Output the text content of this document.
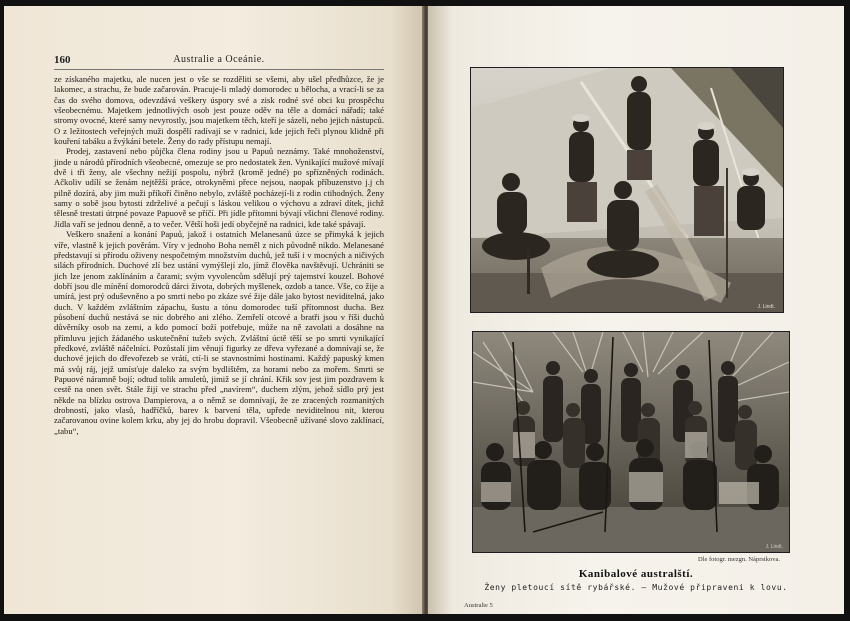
160	Australie a Oceánie.

ze získaného majetku, ale nucen jest o vše se rozděliti se všemi, aby ušel předhůzce, že je lakomec, a strachu, že bude začarován. Pracuje-li mladý domorodec u bělocha, a vrací-li se za čas do svého domova, odevzdává veškery úspory své a zisk rodné své obci ku prospěchu všeobecnému. Majetkem jednotlivých osob jest pouze oděv na těle a domácí nářadí; také stromy ovocné, které samy nevyrostly, jsou majetkem těch, kteří je sázeli, nebo jejich nástupců. O z ležitostech veřejných muži dospělí radívají se v radnici, kde jejich řeči plynou klidně při kouření tabáku a žvýkání betele. Ženy do rady přístupu nemají.

Prodej, zastavení nebo půjčka člena rodiny jsou u Papuů neznámy. Také mnohoženství, jinde u národů přírodních všeobecné, omezuje se pro nedostatek žen. Vynikající mužové mívají dvě i tři ženy, ale všechny nežijí pospolu, nýbrž (kromě jedné) po spřízněných rodinách. Ačkoliv udílí se ženám nejtěžší práce, otrokyněmi přece nejsou, naopak příbuzenstvo j.j ch pilně dozírá, aby jim muži příkoří činěno nebylo, zvláště pocházejí-li z rodin ctihodných. Ženy samy o sobě jsou bytosti zdrželivé a pečují s láskou velikou o výchovu a zdraví dítek, jichž tělesně trestati útrpné povaze Papuově se příčí. Při jídle přítomni bývají všichni členové rodiny. Jídla vaří se jednou denně, a to večer. Větší hoši jedí obyčejně na radnici, kde také spávají.

Veškero snažení a konání Papuů, jakož i ostatních Melanesanů úzce se přimyká k jejich víře, vlastně k jejich pověrám. Víry v jednoho Boha neměl z nich původně nikdo. Melanesané představují si přírodu oživeny nespočetným množstvím duchů, jež tuší i v mocných a ničivých silách přírodních. Duchové zlí bez ustání vymýšlejí zlo, jímž člověka navštěvují. Uchrániti se jich lze jenom zaklínáním a čarami; svým vyvolencům sdělují prý tajemství kouzel. Bohové dobří jsou dle mínění domorodců dárci života, dobrých myšlenek, ozdob a tance. Vše, co žije a umírá, jest prý oduševněno a po smrti nebo po zkáze své žije dále jako bytost neviditelná, jako duch. V každém zvláštním zápachu, šustu a tónu domorodec tuší přítomnost ducha. Bez působení duchů nestává se nic dobrého ani zlého. Zemřelí otcové a bratři jsou v říši duchů důvěrníky osob na zemi, a kdo pomocí boží potřebuje, může na ně zavolati a dosáhne na přímluvu jejich žádaného uskutečnění tužeb svých. Zvláštní úctě těší se po smrti vynikající předkové, zvláště náčelníci. Pozůstalí jim věnují figurky ze dřeva vyřezané a domnívají se, že duchové jejich do dřevořezeb se vrátí, ctí-li se stavnostními hostinami. Každý papuský kmen má svůj ráj, jejž umísťuje daleko za svým bydlištěm, za horami nebo za mořem. Smrti se Papuové náramně bojí; odtud tolik amuletů, jimiž se jí chrání. Křik sov jest jim pozdravem k cestě na onen svět. Stále žijí ve strachu před „navírem“, duchem zlým, jehož sídlo prý jest někde na blízku ostrova Dampierova, a o němž se domnívají, že ze zracených rozmanitých drobností, jako vlasů, hadříčků, barev k barvení těla, upřede neviditelnou nit, kterou začarovanou ovine kolem krku, aby jej do hrobu dopravil. Všeobecně užívané slovo zaklínací, „tabu“,

J. Lindt.
J. Lindt.
Dle fotogr. mezgn. Náprstkova.
Kanibalové australští.
Ženy pletoucí sítě rybářské. — Mužové připraveni k lovu.
Australie 5
